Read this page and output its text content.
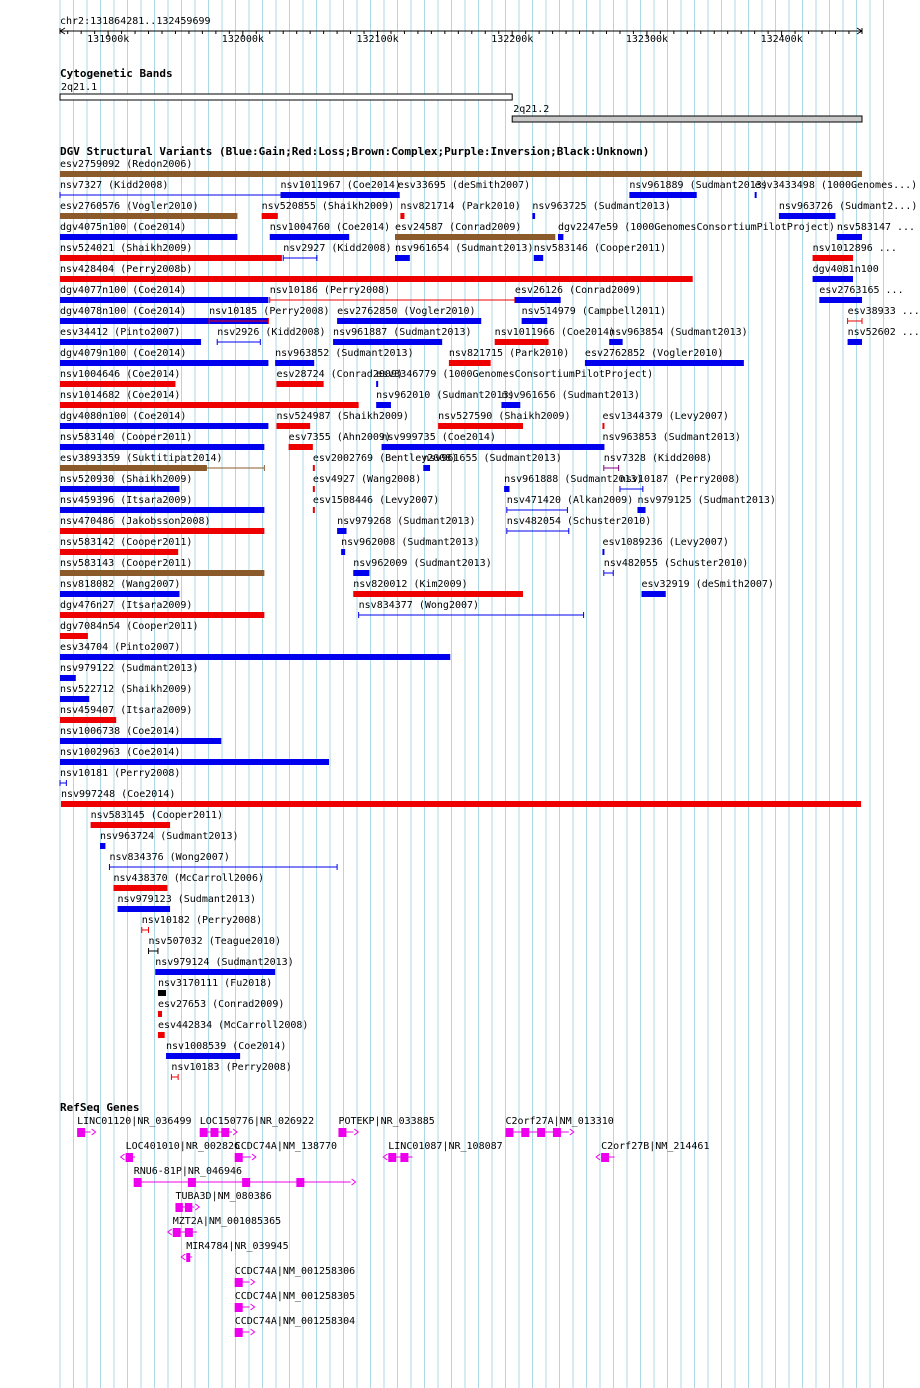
chr2:131864281..132459699
Cytogenetic Bands
DGV Structural Variants (Blue:Gain;Red:Loss;Brown:Complex;Purple:Inversion;Black:Unknown)
RefSeq Genes
131900k	132000k	132100k	132200k	132300k	132400k
2q21.1
2q21.2
esv2759092 (Redon2006)
nsv7327 (Kidd2008)	nsv1011967 (Coe2014)
esv33695 (deSmith2007)	nsv961889 (Sudmant2013)
esv3433498 (1000Genomes...)
esv2760576 (Vogler2010)	nsv520855 (Shaikh2009) nsv821714 (Park2010) nsv963725 (Sudmant2013)	nsv963726 (Sudmant2...)
dgv4075n100 (Coe2014)	nsv1004760 (Coe2014) esv24587 (Conrad2009)	dgv2247e59 (1000GenomesConsortiumPilotProject) nsv583147 ...
nsv524021 (Shaikh2009)	nsv2927 (Kidd2008) nsv961654 (Sudmant2013) nsv583146 (Cooper2011)	nsv1012896 ...
nsv428404 (Perry2008b)	dgv4081n100
dgv4077n100 (Coe2014)	nsv10186 (Perry2008)	esv26126 (Conrad2009)	esv2763165 ...
dgv4078n100 (Coe2014) nsv10185 (Perry2008) esv2762850 (Vogler2010)	nsv514979 (Campbell2011)	esv38933 ...
esv34412 (Pinto2007)	nsv2926 (Kidd2008) nsv961887 (Sudmant2013) nsv1011966 (Coe2014)
nsv963854 (Sudmant2013)	nsv52602 ...
dgv4079n100 (Coe2014)	nsv963852 (Sudmant2013)	nsv821715 (Park2010) esv2762852 (Vogler2010)
nsv1004646 (Coe2014)	esv28724 (Conrad2009)
esv3346779 (1000GenomesConsortiumPilotProject)
nsv1014682 (Coe2014)	nsv962010 (Sudmant2013)
nsv961656 (Sudmant2013)
dgv4080n100 (Coe2014)	nsv524987 (Shaikh2009)	nsv527590 (Shaikh2009)	esv1344379 (Levy2007)
nsv583140 (Cooper2011)	esv7355 (Ahn2009)
nsv999735 (Coe2014)	nsv963853 (Sudmant2013)
esv3893359 (Suktitipat2014)	esv2002769 (Bentley2008)
nsv961655 (Sudmant2013)	nsv7328 (Kidd2008)
nsv520930 (Shaikh2009)	esv4927 (Wang2008)	nsv961888 (Sudmant2013)
nsv10187 (Perry2008)
nsv459396 (Itsara2009)	esv1508446 (Levy2007)	nsv471420 (Alkan2009) nsv979125 (Sudmant2013)
nsv470486 (Jakobsson2008)	nsv979268 (Sudmant2013)	nsv482054 (Schuster2010)
nsv583142 (Cooper2011)	nsv962008 (Sudmant2013)	esv1089236 (Levy2007)
nsv583143 (Cooper2011)	nsv962009 (Sudmant2013)	nsv482055 (Schuster2010)
nsv818082 (Wang2007)	nsv820012 (Kim2009)	esv32919 (deSmith2007)
dgv476n27 (Itsara2009)	nsv834377 (Wong2007)
dgv7084n54 (Cooper2011)
esv34704 (Pinto2007)
nsv979122 (Sudmant2013)
nsv522712 (Shaikh2009)
nsv459407 (Itsara2009)
nsv1006738 (Coe2014)
nsv1002963 (Coe2014)
nsv10181 (Perry2008)
nsv997248 (Coe2014)
nsv583145 (Cooper2011)
nsv963724 (Sudmant2013)
nsv834376 (Wong2007)
nsv438370 (McCarroll2006)
nsv979123 (Sudmant2013)
nsv10182 (Perry2008)
nsv507032 (Teague2010)
nsv979124 (Sudmant2013)
nsv3170111 (Fu2018)
esv27653 (Conrad2009)
esv442834 (McCarroll2008)
nsv1008539 (Coe2014)
nsv10183 (Perry2008)
LINC01120|NR_036499 LOC150776|NR_026922 POTEKP|NR_033885	C2orf27A|NM_013310
LOC401010|NR_002826
CCDC74A|NM_138770	LINC01087|NR_108087	C2orf27B|NM_214461
RNU6-81P|NR_046946
TUBA3D|NM_080386
MZT2A|NM_001085365
MIR4784|NR_039945
CCDC74A|NM_001258306
CCDC74A|NM_001258305
CCDC74A|NM_001258304
